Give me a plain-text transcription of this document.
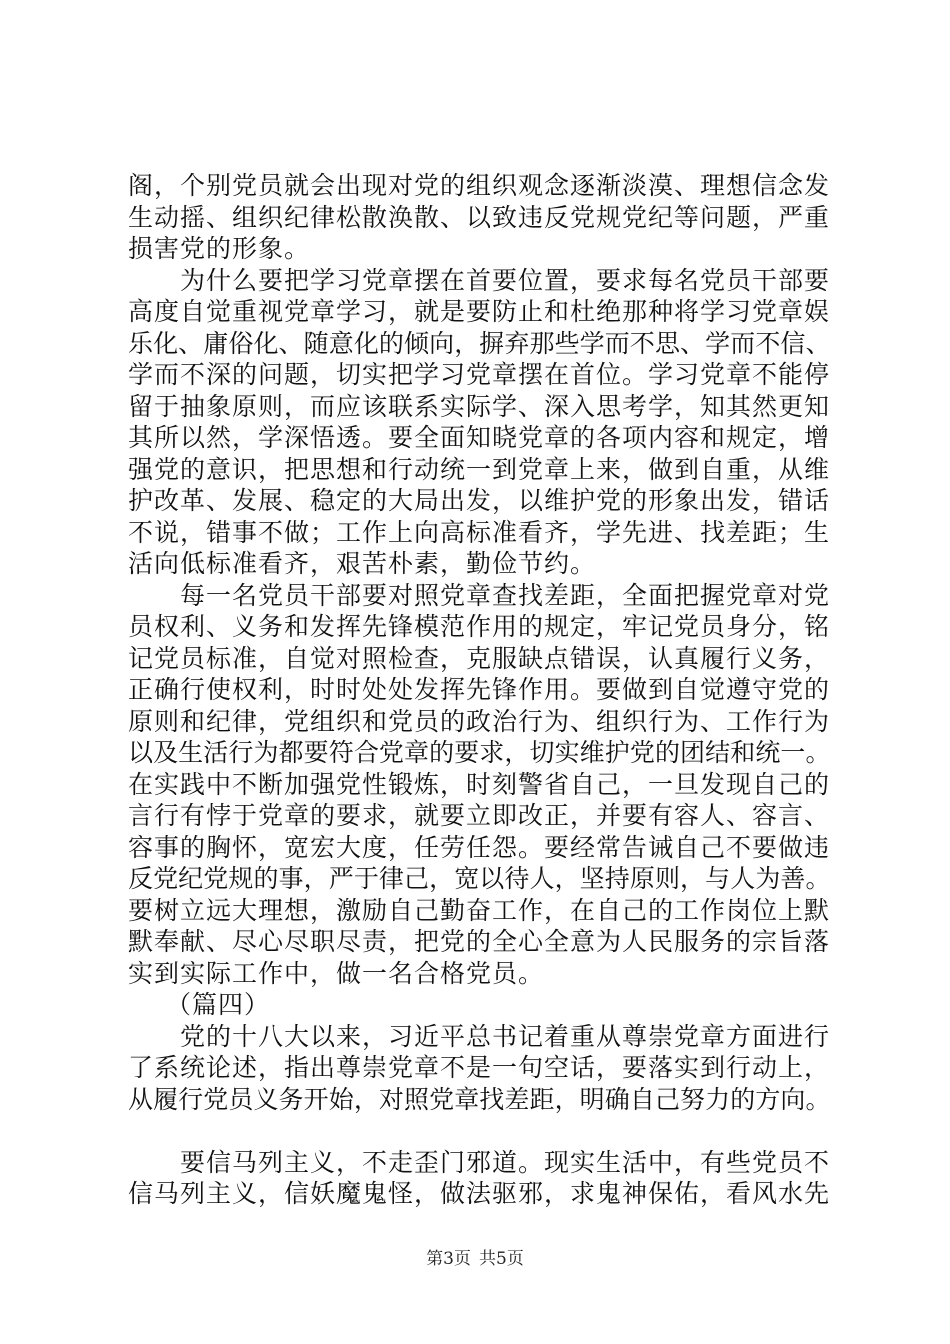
阁，个别党员就会出现对党的组织观念逐渐淡漠、理想信念发
生动摇、组织纪律松散涣散、以致违反党规党纪等问题，严重
损害党的形象。
为什么要把学习党章摆在首要位置，要求每名党员干部要
高度自觉重视党章学习，就是要防止和杜绝那种将学习党章娱
乐化、庸俗化、随意化的倾向，摒弃那些学而不思、学而不信、
学而不深的问题，切实把学习党章摆在首位。学习党章不能停
留于抽象原则，而应该联系实际学、深入思考学，知其然更知
其所以然，学深悟透。要全面知晓党章的各项内容和规定，增
强党的意识，把思想和行动统一到党章上来，做到自重，从维
护改革、发展、稳定的大局出发，以维护党的形象出发，错话
不说，错事不做；工作上向高标准看齐，学先进、找差距；生
活向低标准看齐，艰苦朴素，勤俭节约。
每一名党员干部要对照党章查找差距，全面把握党章对党
员权利、义务和发挥先锋模范作用的规定，牢记党员身分，铭
记党员标准，自觉对照检查，克服缺点错误，认真履行义务，
正确行使权利，时时处处发挥先锋作用。要做到自觉遵守党的
原则和纪律，党组织和党员的政治行为、组织行为、工作行为
以及生活行为都要符合党章的要求，切实维护党的团结和统一。
在实践中不断加强党性锻炼，时刻警省自己，一旦发现自己的
言行有悖于党章的要求，就要立即改正，并要有容人、容言、
容事的胸怀，宽宏大度，任劳任怨。要经常告诫自己不要做违
反党纪党规的事，严于律己，宽以待人，坚持原则，与人为善。
要树立远大理想，激励自己勤奋工作，在自己的工作岗位上默
默奉献、尽心尽职尽责，把党的全心全意为人民服务的宗旨落
实到实际工作中，做一名合格党员。
（篇四）
党的十八大以来，习近平总书记着重从尊崇党章方面进行
了系统论述，指出尊崇党章不是一句空话，要落实到行动上，
从履行党员义务开始，对照党章找差距，明确自己努力的方向。
要信马列主义，不走歪门邪道。现实生活中，有些党员不
信马列主义，信妖魔鬼怪，做法驱邪，求鬼神保佑，看风水先
第3页 共5页
